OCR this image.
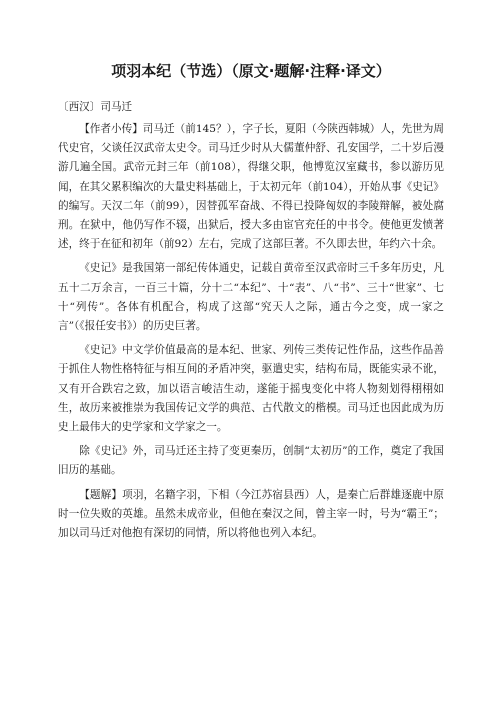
项羽本纪（节选）（原文·题解·注释·译文）
〔西汉〕司马迁

【作者小传】司马迁（前145？），字子长，夏阳（今陕西韩城）人，先世为周代史官，父谈任汉武帝太史令。司马迁少时从大儒董仲舒、孔安国学，二十岁后漫游几遍全国。武帝元封三年（前108），得继父职，他博览汉室藏书，参以游历见闻，在其父累积编次的大量史料基础上，于太初元年（前104），开始从事《史记》的编写。天汉二年（前99），因替孤军奋战、不得已投降匈奴的李陵辩解，被处腐刑。在狱中，他仍写作不辍，出狱后，授大多由宦官充任的中书令。使他更发愤著述，终于在征和初年（前92）左右，完成了这部巨著。不久即去世，年约六十余。

《史记》是我国第一部纪传体通史，记载自黄帝至汉武帝时三千多年历史，凡五十二万余言，一百三十篇，分十二“本纪”、十“表”、八“书”、三十“世家”、七十“列传”。各体有机配合，构成了这部“究天人之际，通古今之变，成一家之言”（《报任安书》）的历史巨著。

《史记》中文学价值最高的是本纪、世家、列传三类传记性作品，这些作品善于抓住人物性格特征与相互间的矛盾冲突，驱遣史实，结构布局，既能实录不讹，又有开合跌宕之致，加以语言峻洁生动，遂能于摇曳变化中将人物刻划得栩栩如生，故历来被推崇为我国传记文学的典范、古代散文的楷模。司马迁也因此成为历史上最伟大的史学家和文学家之一。

除《史记》外，司马迁还主持了变更秦历，创制“太初历”的工作，奠定了我国旧历的基础。

【题解】项羽，名籍字羽，下相（今江苏宿县西）人，是秦亡后群雄逐鹿中原时一位失败的英雄。虽然未成帝业，但他在秦汉之间，曾主宰一时，号为“霸王”；加以司马迁对他抱有深切的同情，所以将他也列入本纪。
